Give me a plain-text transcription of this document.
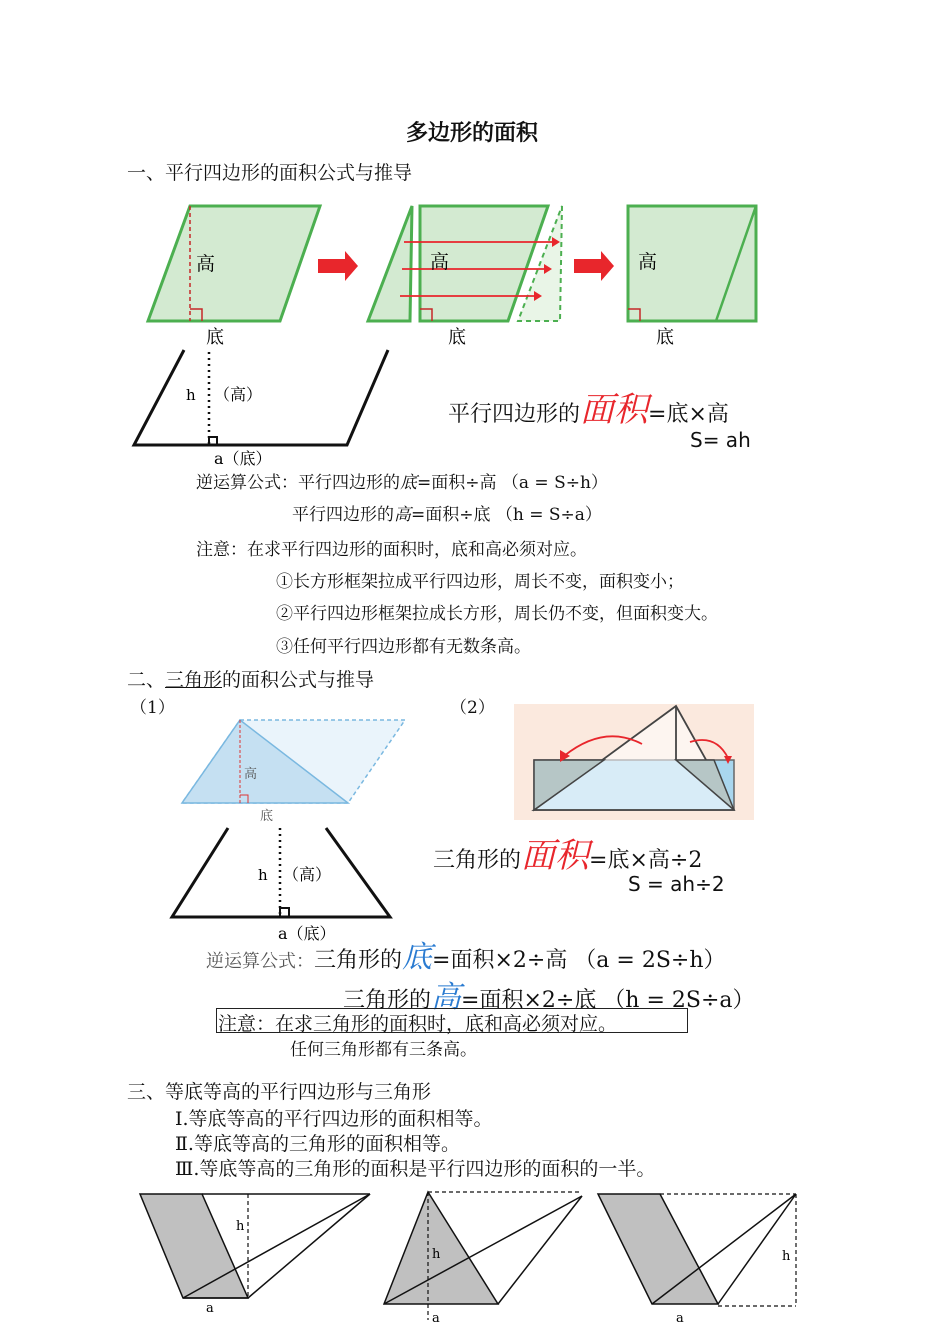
多边形的面积
一、平行四边形的面积公式与推导
高
底
高
底
高
底
h （高）
a（底）
平行四边形的面积=底×高
S= ah
逆运算公式：平行四边形的底=面积÷高 （a = S÷h）
平行四边形的高=面积÷底 （h = S÷a）
注意：在求平行四边形的面积时，底和高必须对应。
①长方形框架拉成平行四边形，周长不变，面积变小；
②平行四边形框架拉成长方形，周长仍不变，但面积变大。
③任何平行四边形都有无数条高。
二、三角形的面积公式与推导
（1）	（2）
高
底
h （高）
a（底）
三角形的面积=底×高÷2
S = ah÷2
逆运算公式：三角形的底=面积×2÷高 （a = 2S÷h）
三角形的高=面积×2÷底 （h = 2S÷a）
注意：在求三角形的面积时，底和高必须对应。
任何三角形都有三条高。
三、等底等高的平行四边形与三角形
Ⅰ.等底等高的平行四边形的面积相等。
Ⅱ.等底等高的三角形的面积相等。
Ⅲ.等底等高的三角形的面积是平行四边形的面积的一半。
h
a
h
a
h
a
